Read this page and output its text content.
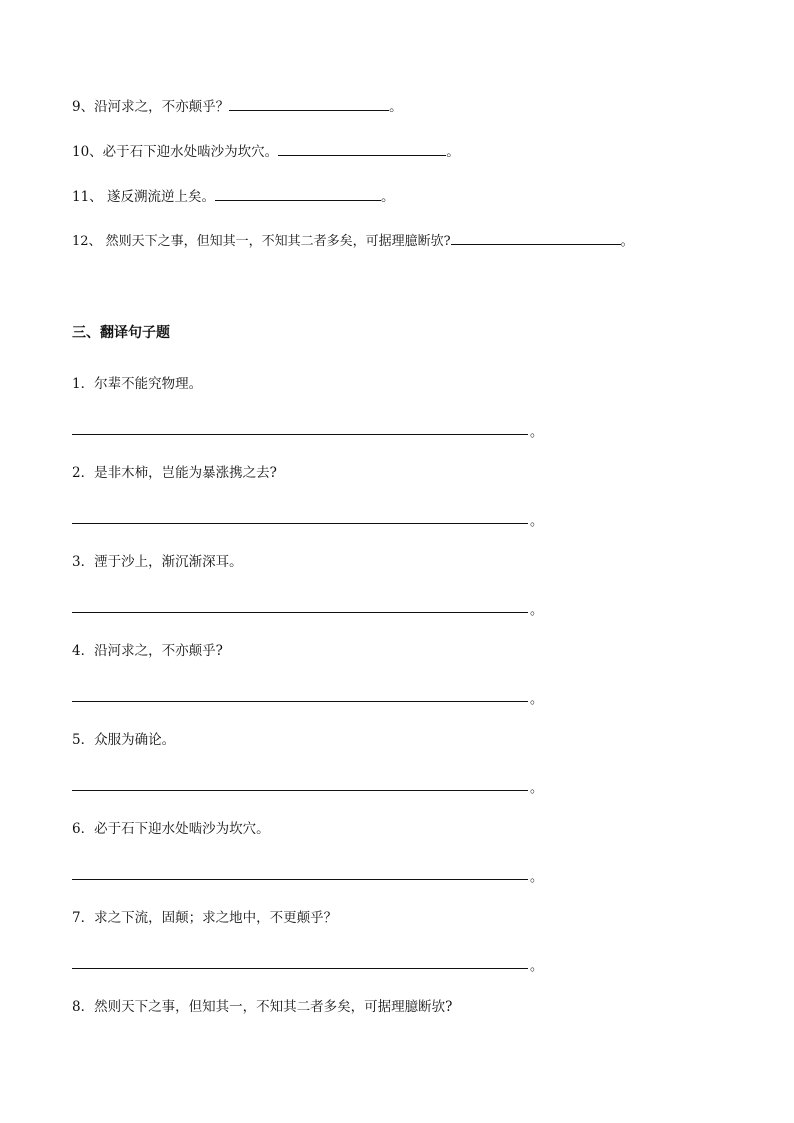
9、沿河求之，不亦颠乎？	。
10、必于石下迎水处啮沙为坎穴。	。
11、 遂反溯流逆上矣。	。
12、 然则天下之事，但知其一，不知其二者多矣，可据理臆断欤?	。
三、翻译句子题
1．尔辈不能究物理。
。
2．是非木柿，岂能为暴涨携之去?
。
3．湮于沙上，渐沉渐深耳。
。
4．沿河求之，不亦颠乎?
。
5．众服为确论。
。
6．必于石下迎水处啮沙为坎穴。
。
7．求之下流，固颠；求之地中，不更颠乎？
。
8．然则天下之事，但知其一，不知其二者多矣，可据理臆断欤?
